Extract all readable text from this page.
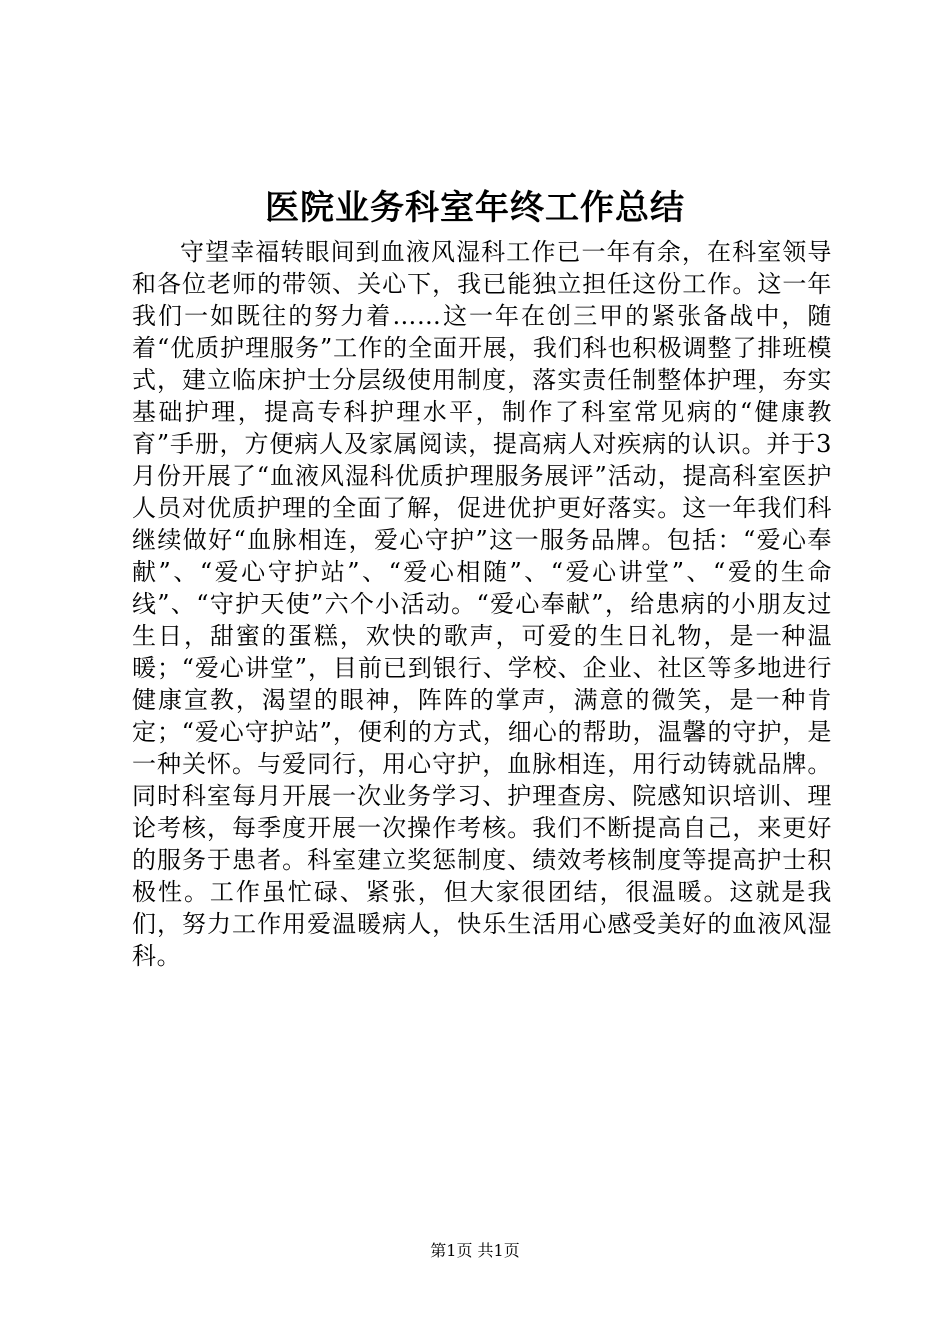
医院业务科室年终工作总结

守望幸福转眼间到血液风湿科工作已一年有余，在科室领导和各位老师的带领、关心下，我已能独立担任这份工作。这一年我们一如既往的努力着……这一年在创三甲的紧张备战中，随着“优质护理服务”工作的全面开展，我们科也积极调整了排班模式，建立临床护士分层级使用制度，落实责任制整体护理，夯实基础护理，提高专科护理水平，制作了科室常见病的“健康教育”手册，方便病人及家属阅读，提高病人对疾病的认识。并于3月份开展了“血液风湿科优质护理服务展评”活动，提高科室医护人员对优质护理的全面了解，促进优护更好落实。这一年我们科继续做好“血脉相连，爱心守护”这一服务品牌。包括：“爱心奉献”、“爱心守护站”、“爱心相随”、“爱心讲堂”、“爱的生命线”、“守护天使”六个小活动。“爱心奉献”，给患病的小朋友过生日，甜蜜的蛋糕，欢快的歌声，可爱的生日礼物，是一种温暖；“爱心讲堂”，目前已到银行、学校、企业、社区等多地进行健康宣教，渴望的眼神，阵阵的掌声，满意的微笑，是一种肯定；“爱心守护站”，便利的方式，细心的帮助，温馨的守护，是一种关怀。与爱同行，用心守护，血脉相连，用行动铸就品牌。同时科室每月开展一次业务学习、护理查房、院感知识培训、理论考核，每季度开展一次操作考核。我们不断提高自己，来更好的服务于患者。科室建立奖惩制度、绩效考核制度等提高护士积极性。工作虽忙碌、紧张，但大家很团结，很温暖。这就是我们，努力工作用爱温暖病人，快乐生活用心感受美好的血液风湿科。

第1页 共1页
